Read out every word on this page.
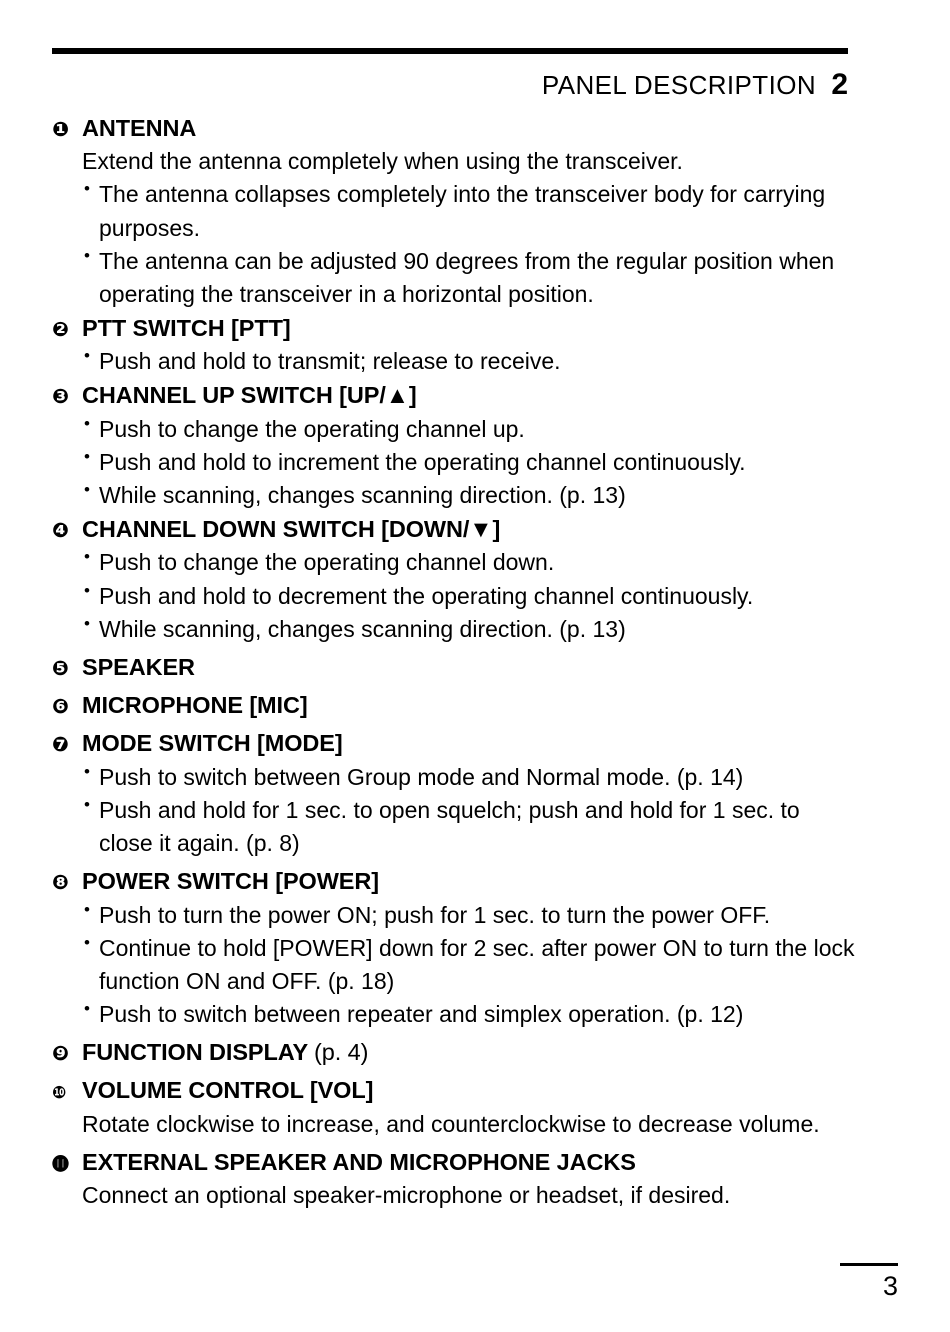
PANEL DESCRIPTION 2
❶ ANTENNA

Extend the antenna completely when using the transceiver.

• The antenna collapses completely into the transceiver body for carrying purposes.
• The antenna can be adjusted 90 degrees from the regular position when operating the transceiver in a horizontal position.
❷ PTT SWITCH [PTT]
• Push and hold to transmit; release to receive.
❸ CHANNEL UP SWITCH [UP/▲]
• Push to change the operating channel up.
• Push and hold to increment the operating channel continuously.
• While scanning, changes scanning direction. (p. 13)
❹ CHANNEL DOWN SWITCH [DOWN/▼]
• Push to change the operating channel down.
• Push and hold to decrement the operating channel continuously.
• While scanning, changes scanning direction. (p. 13)
❺ SPEAKER
❻ MICROPHONE [MIC]
❼ MODE SWITCH [MODE]
• Push to switch between Group mode and Normal mode. (p. 14)
• Push and hold for 1 sec. to open squelch; push and hold for 1 sec. to close it again. (p. 8)
❽ POWER SWITCH [POWER]
• Push to turn the power ON; push for 1 sec. to turn the power OFF.
• Continue to hold [POWER] down for 2 sec. after power ON to turn the lock function ON and OFF. (p. 18)
• Push to switch between repeater and simplex operation. (p. 12)
❾ FUNCTION DISPLAY (p. 4)
❿ VOLUME CONTROL [VOL]

Rotate clockwise to increase, and counterclockwise to decrease volume.

⓫ EXTERNAL SPEAKER AND MICROPHONE JACKS

Connect an optional speaker-microphone or headset, if desired.

3
